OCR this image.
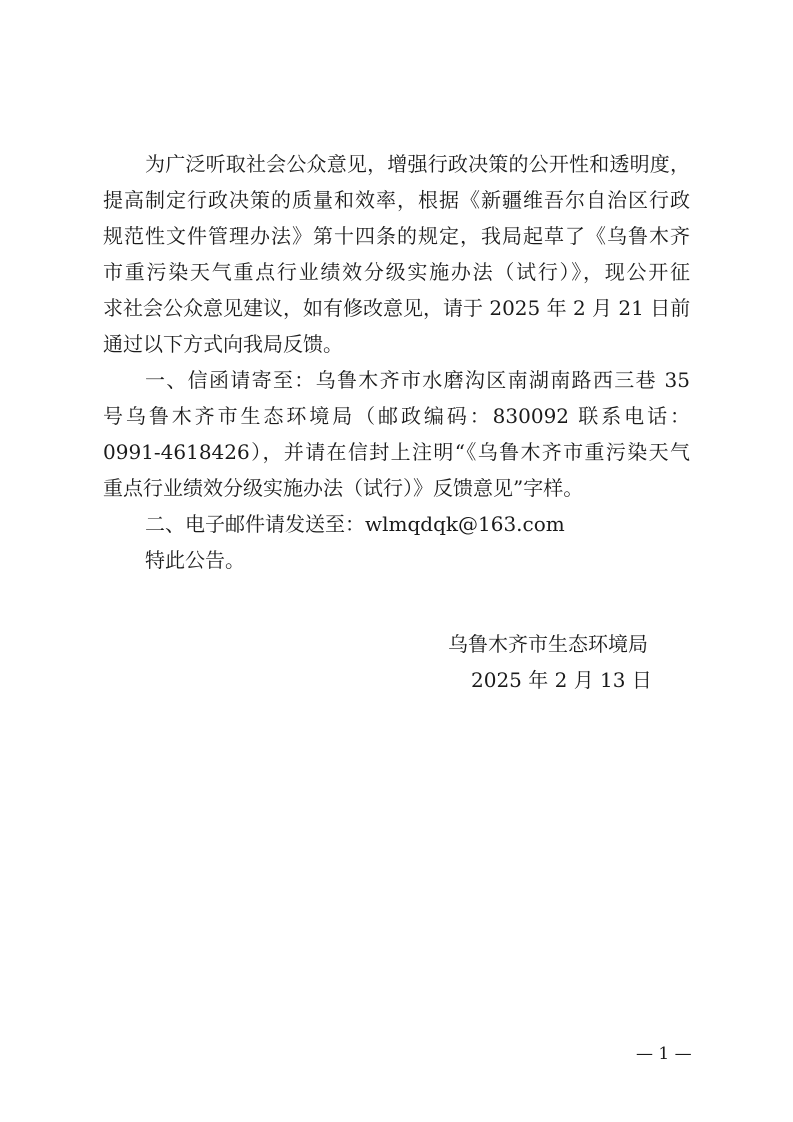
为广泛听取社会公众意见，增强行政决策的公开性和透明度，
提高制定行政决策的质量和效率，根据《新疆维吾尔自治区行政
规范性文件管理办法》第十四条的规定，我局起草了《乌鲁木齐
市重污染天气重点行业绩效分级实施办法（试行）》，现公开征
求社会公众意见建议，如有修改意见，请于 2025 年 2 月 21 日前
通过以下方式向我局反馈。
一、信函请寄至：乌鲁木齐市水磨沟区南湖南路西三巷 35
号乌鲁木齐市生态环境局（邮政编码：830092 联系电话：
0991-4618426），并请在信封上注明“《乌鲁木齐市重污染天气
重点行业绩效分级实施办法（试行）》反馈意见”字样。
二、电子邮件请发送至：wlmqdqk@163.com
特此公告。
乌鲁木齐市生态环境局
2025 年 2 月 13 日
— 1 —
